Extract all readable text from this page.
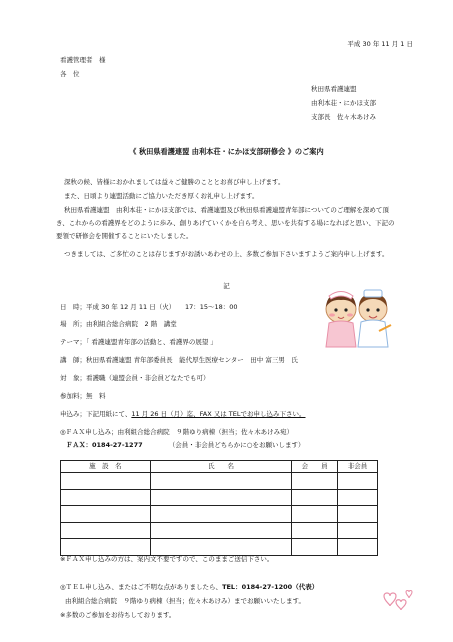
平成 30 年 11 月 1 日
看護管理者　様
各　位
秋田県看護連盟
由利本荘・にかほ支部
支部長　佐々木あけみ
《 秋田県看護連盟 由利本荘・にかほ支部研修会 》のご案内
深秋の候、皆様におかれましては益々ご健勝のこととお喜び申し上げます。
また、日頃より連盟活動にご協力いただき厚くお礼申し上げます。
秋田県看護連盟　由利本荘・にかほ支部では、看護連盟及び秋田県看護連盟青年部についてのご理解を深めて頂き、これからの看護界をどのように歩み、創りあげていくかを自ら考え、思いを共有する場になればと思い、下記の要領で研修会を開催することにいたしました。
つきましては、ご多忙のことは存じますがお誘いあわせの上、多数ご参加下さいますようご案内申し上げます。
記
日　時；平成 30 年 12 月 11 日（火）　　17：15～18：00
場　所；由利組合総合病院　2 階　講堂
テーマ；「 看護連盟青年部の活動と、看護界の展望 」
講　師；秋田県看護連盟 青年部委員長　能代厚生医療センター　田中 富三男　氏
対　象；看護職（連盟会員・非会員どなたでも可）
参加料；無　料
申込み；下記用紙にて、11 月 26 日（月）迄、FAX 又は TELでお申し込み下さい。
◎ＦＡＸ申し込み；由利組合総合病院　９階ゆり病棟（担当；佐々木あけみ宛）
ＦＡＸ：0184-27-1277	（会員・非会員どちらかに○をお願いします）
施　設　名	氏　　名	会　　員	非会員

※ＦＡＸ申し込みの方は、案内文不要ですので、このままご送信下さい。
◎ＴＥＬ申し込み、またはご不明な点がありましたら、TEL：0184-27-1200（代表）
由利組合総合病院　９階ゆり病棟（担当；佐々木あけみ）までお願いいたします。
※多数のご参加をお待ちしております。
